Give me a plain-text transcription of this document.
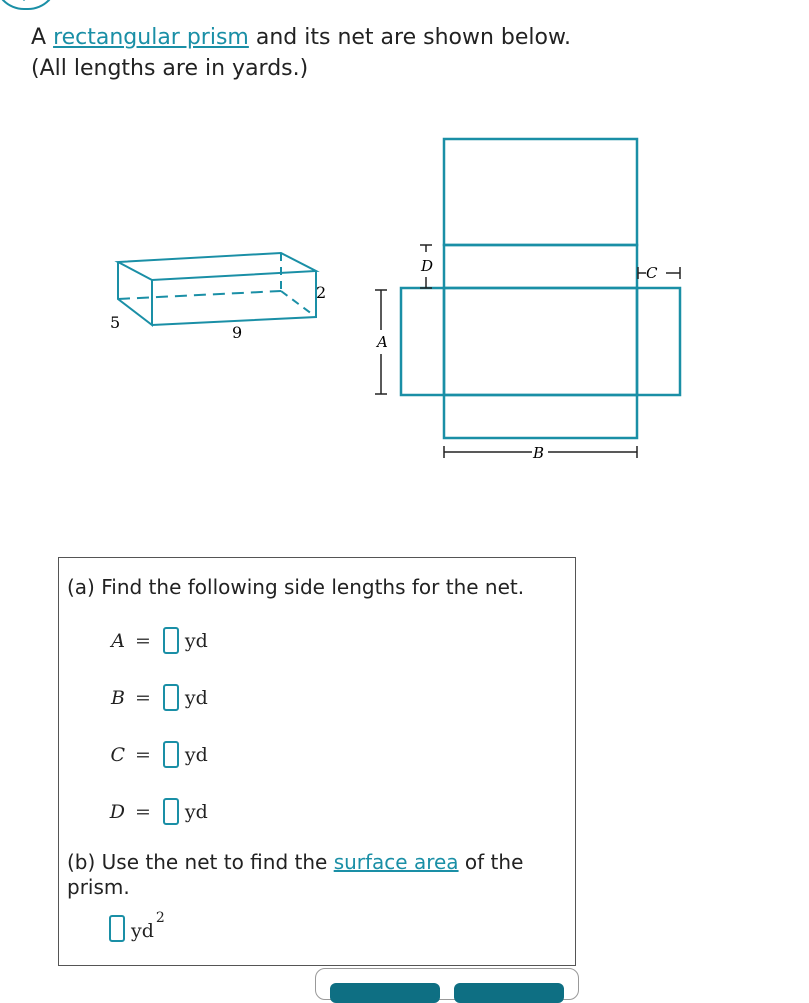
A rectangular prism and its net are shown below.
(All lengths are in yards.)
5
9
2
A
B
C
D
(a) Find the following side lengths for the net.
A = yd
B = yd
C = yd
D = yd
(b) Use the net to find the surface area of the prism.
yd
$^2$
